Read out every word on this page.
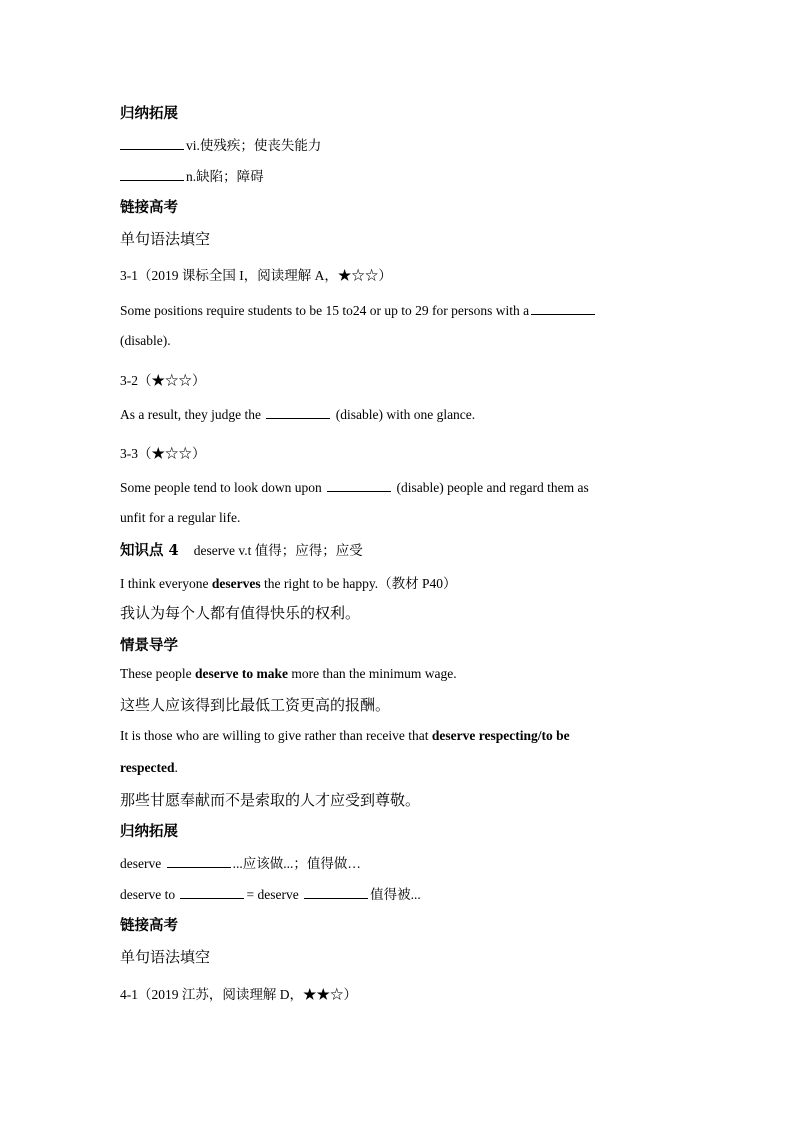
归纳拓展
vi.使残疾；使丧失能力
n.缺陷；障碍
链接高考
单句语法填空
3-1（2019 课标全国 I，阅读理解 A，★☆☆）
Some positions require students to be 15 to24 or up to 29 for persons with a
(disable).
3-2（★☆☆）
As a result, they judge the	(disable) with one glance.
3-3（★☆☆）
Some people tend to look down upon	(disable) people and regard them as
unfit for a regular life.
知识点 4 deserve v.t 值得；应得；应受
I think everyone deserves the right to be happy.（教材 P40）
我认为每个人都有值得快乐的权利。
情景导学
These people deserve to make more than the minimum wage.
这些人应该得到比最低工资更高的报酬。
It is those who are willing to give rather than receive that deserve respecting/to be
respected.
那些甘愿奉献而不是索取的人才应受到尊敬。
归纳拓展
deserve	...应该做...；值得做…
deserve to	= deserve	值得被...
链接高考
单句语法填空
4-1（2019 江苏，阅读理解 D，★★☆）
